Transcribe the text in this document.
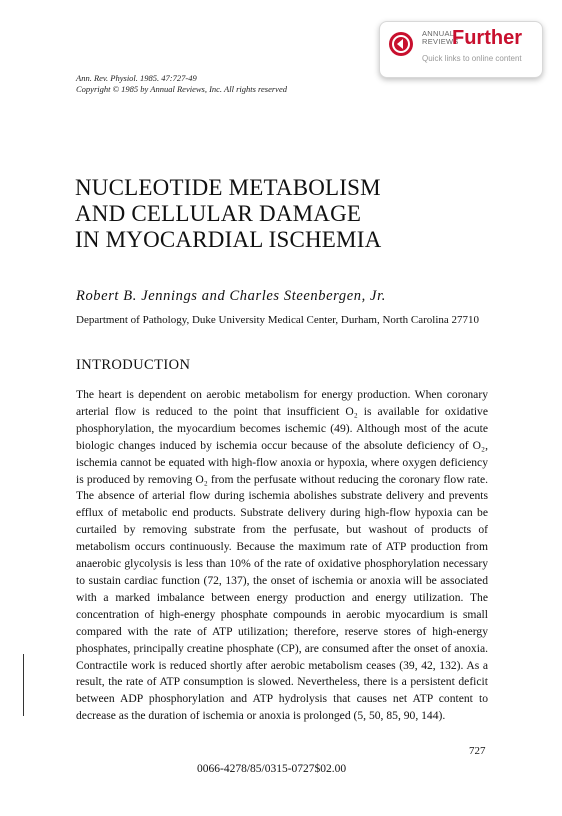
ANNUAL
REVIEWS
Further
Quick links to online content
Ann. Rev. Physiol. 1985. 47:727-49
Copyright © 1985 by Annual Reviews, Inc. All rights reserved
NUCLEOTIDE METABOLISM
AND CELLULAR DAMAGE
IN MYOCARDIAL ISCHEMIA
Robert B. Jennings and Charles Steenbergen, Jr.
Department of Pathology, Duke University Medical Center, Durham, North Carolina 27710
INTRODUCTION
The heart is dependent on aerobic metabolism for energy production. When coronary arterial flow is reduced to the point that insufficient O₂ is available for oxidative phosphorylation, the myocardium becomes ischemic (49). Although most of the acute biologic changes induced by ischemia occur because of the absolute deficiency of O₂, ischemia cannot be equated with high-flow anoxia or hypoxia, where oxygen deficiency is produced by removing O₂ from the perfusate without reducing the coronary flow rate. The absence of arterial flow during ischemia abolishes substrate delivery and prevents efflux of metabolic end products. Substrate delivery during high-flow hypoxia can be curtailed by removing substrate from the perfusate, but washout of products of metabolism occurs continuously. Because the maximum rate of ATP production from anaerobic glycolysis is less than 10% of the rate of oxidative phosphorylation necessary to sustain cardiac function (72, 137), the onset of ischemia or anoxia will be associated with a marked imbalance between energy production and energy utilization. The concentration of high-energy phosphate compounds in aerobic myocardium is small compared with the rate of ATP utilization; therefore, reserve stores of high-energy phosphates, principally creatine phosphate (CP), are consumed after the onset of anoxia. Contractile work is reduced shortly after aerobic metabolism ceases (39, 42, 132). As a result, the rate of ATP consumption is slowed. Nevertheless, there is a persistent deficit between ADP phosphorylation and ATP hydrolysis that causes net ATP content to decrease as the duration of ischemia or anoxia is prolonged (5, 50, 85, 90, 144).
727
0066-4278/85/0315-0727$02.00
